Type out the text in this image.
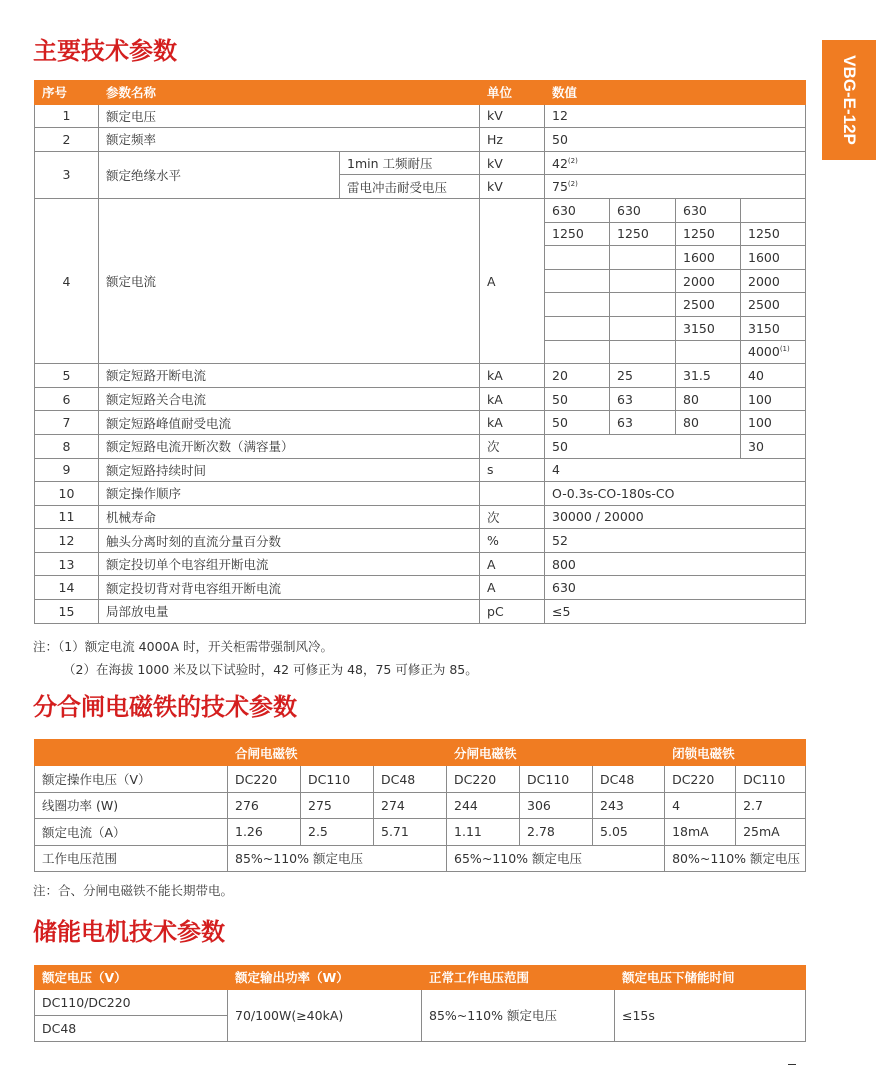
VBG-E-12P
主要技术参数
序号	参数名称		单位	数值			
1	额定电压		kV	12			
2	额定频率		Hz	50			
3	额定绝缘水平	1min 工频耐压	kV	42$^{(2)}$
		雷电冲击耐受电压	kV	75$^{(2)}$
4	额定电流		A	630	630	630	
				1250	1250	1250	1250
						1600	1600
						2000	2000
						2500	2500
						3150	3150
							4000$^{(1)}$
5	额定短路开断电流		kA	20	25	31.5	40
6	额定短路关合电流		kA	50	63	80	100
7	额定短路峰值耐受电流		kA	50	63	80	100
8	额定短路电流开断次数（满容量）		次	50			30
9	额定短路持续时间		s	4			
10	额定操作顺序			O-0.3s-CO-180s-CO			
11	机械寿命		次	30000 / 20000			
12	触头分离时刻的直流分量百分数		%	52			
13	额定投切单个电容组开断电流		A	800			
14	额定投切背对背电容组开断电流		A	630			
15	局部放电量		pC	≤5			
注：（1）额定电流 4000A 时，开关柜需带强制风冷。
（2）在海拔 1000 米及以下试验时，42 可修正为 48，75 可修正为 85。
分合闸电磁铁的技术参数
	合闸电磁铁			分闸电磁铁			闭锁电磁铁	
额定操作电压（V）	DC220	DC110	DC48	DC220	DC110	DC48	DC220	DC110
线圈功率 (W)	276	275	274	244	306	243	4	2.7
额定电流（A）	1.26	2.5	5.71	1.11	2.78	5.05	18mA	25mA
工作电压范围	85%~110% 额定电压			65%~110% 额定电压			80%~110% 额定电压	
注：合、分闸电磁铁不能长期带电。
储能电机技术参数
额定电压（V）	额定输出功率（W）	正常工作电压范围	额定电压下储能时间
DC110/DC220	70/100W(≥40kA)	85%~110% 额定电压	≤15s
DC48			
